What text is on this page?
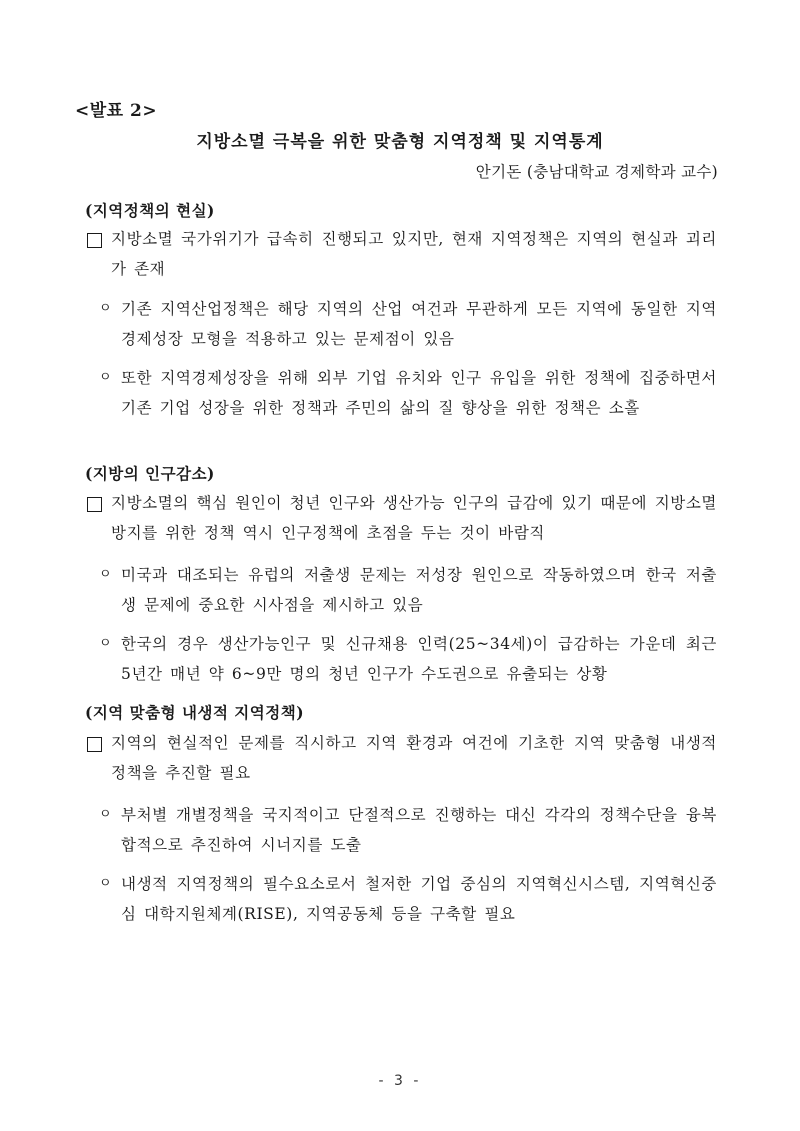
<발표 2>
지방소멸 극복을 위한 맞춤형 지역정책 및 지역통계
안기돈 (충남대학교 경제학과 교수)
(지역정책의 현실)
지방소멸 국가위기가 급속히 진행되고 있지만, 현재 지역정책은 지역의 현실과 괴리가 존재
ㅇ 기존 지역산업정책은 해당 지역의 산업 여건과 무관하게 모든 지역에 동일한 지역경제성장 모형을 적용하고 있는 문제점이 있음
ㅇ 또한 지역경제성장을 위해 외부 기업 유치와 인구 유입을 위한 정책에 집중하면서 기존 기업 성장을 위한 정책과 주민의 삶의 질 향상을 위한 정책은 소홀
(지방의 인구감소)
지방소멸의 핵심 원인이 청년 인구와 생산가능 인구의 급감에 있기 때문에 지방소멸 방지를 위한 정책 역시 인구정책에 초점을 두는 것이 바람직
ㅇ 미국과 대조되는 유럽의 저출생 문제는 저성장 원인으로 작동하였으며 한국 저출생 문제에 중요한 시사점을 제시하고 있음
ㅇ 한국의 경우 생산가능인구 및 신규채용 인력(25~34세)이 급감하는 가운데 최근 5년간 매년 약 6~9만 명의 청년 인구가 수도권으로 유출되는 상황
(지역 맞춤형 내생적 지역정책)
지역의 현실적인 문제를 직시하고 지역 환경과 여건에 기초한 지역 맞춤형 내생적 정책을 추진할 필요
ㅇ 부처별 개별정책을 국지적이고 단절적으로 진행하는 대신 각각의 정책수단을 융복합적으로 추진하여 시너지를 도출
ㅇ 내생적 지역정책의 필수요소로서 철저한 기업 중심의 지역혁신시스템, 지역혁신중심 대학지원체계(RISE), 지역공동체 등을 구축할 필요
- 3 -
